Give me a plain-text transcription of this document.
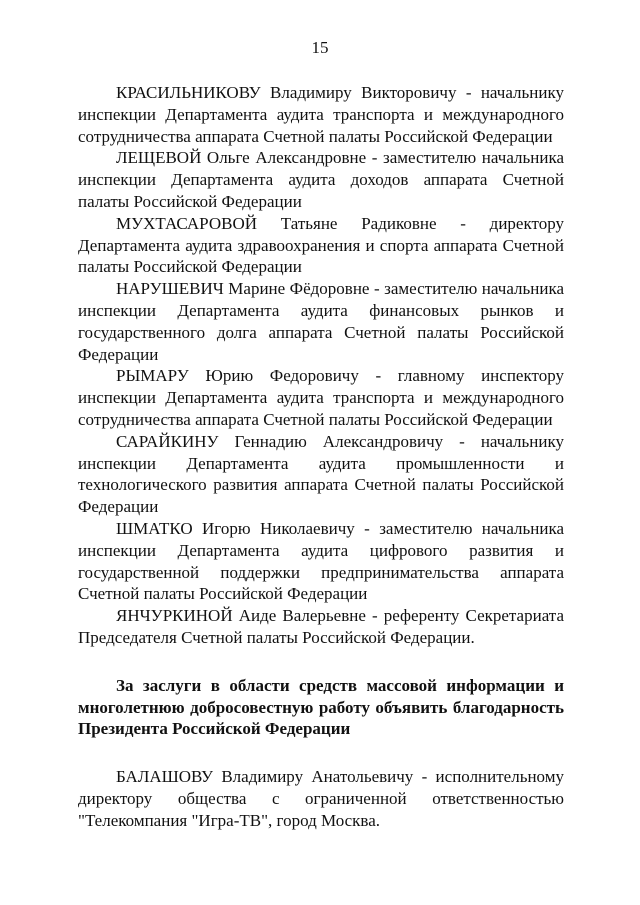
15

КРАСИЛЬНИКОВУ Владимиру Викторовичу - начальнику инспекции Департамента аудита транспорта и международного сотрудничества аппарата Счетной палаты Российской Федерации

ЛЕЩЕВОЙ Ольге Александровне - заместителю начальника инспекции Департамента аудита доходов аппарата Счетной палаты Российской Федерации

МУХТАСАРОВОЙ Татьяне Радиковне - директору Департамента аудита здравоохранения и спорта аппарата Счетной палаты Российской Федерации

НАРУШЕВИЧ Марине Фёдоровне - заместителю начальника инспекции Департамента аудита финансовых рынков и государственного долга аппарата Счетной палаты Российской Федерации

РЫМАРУ Юрию Федоровичу - главному инспектору инспекции Департамента аудита транспорта и международного сотрудничества аппарата Счетной палаты Российской Федерации

САРАЙКИНУ Геннадию Александровичу - начальнику инспекции Департамента аудита промышленности и технологического развития аппарата Счетной палаты Российской Федерации

ШМАТКО Игорю Николаевичу - заместителю начальника инспекции Департамента аудита цифрового развития и государственной поддержки предпринимательства аппарата Счетной палаты Российской Федерации

ЯНЧУРКИНОЙ Аиде Валерьевне - референту Секретариата Председателя Счетной палаты Российской Федерации.

За заслуги в области средств массовой информации и многолетнюю добросовестную работу объявить благодарность Президента Российской Федерации

БАЛАШОВУ Владимиру Анатольевичу - исполнительному директору общества с ограниченной ответственностью "Телекомпания "Игра-ТВ", город Москва.
